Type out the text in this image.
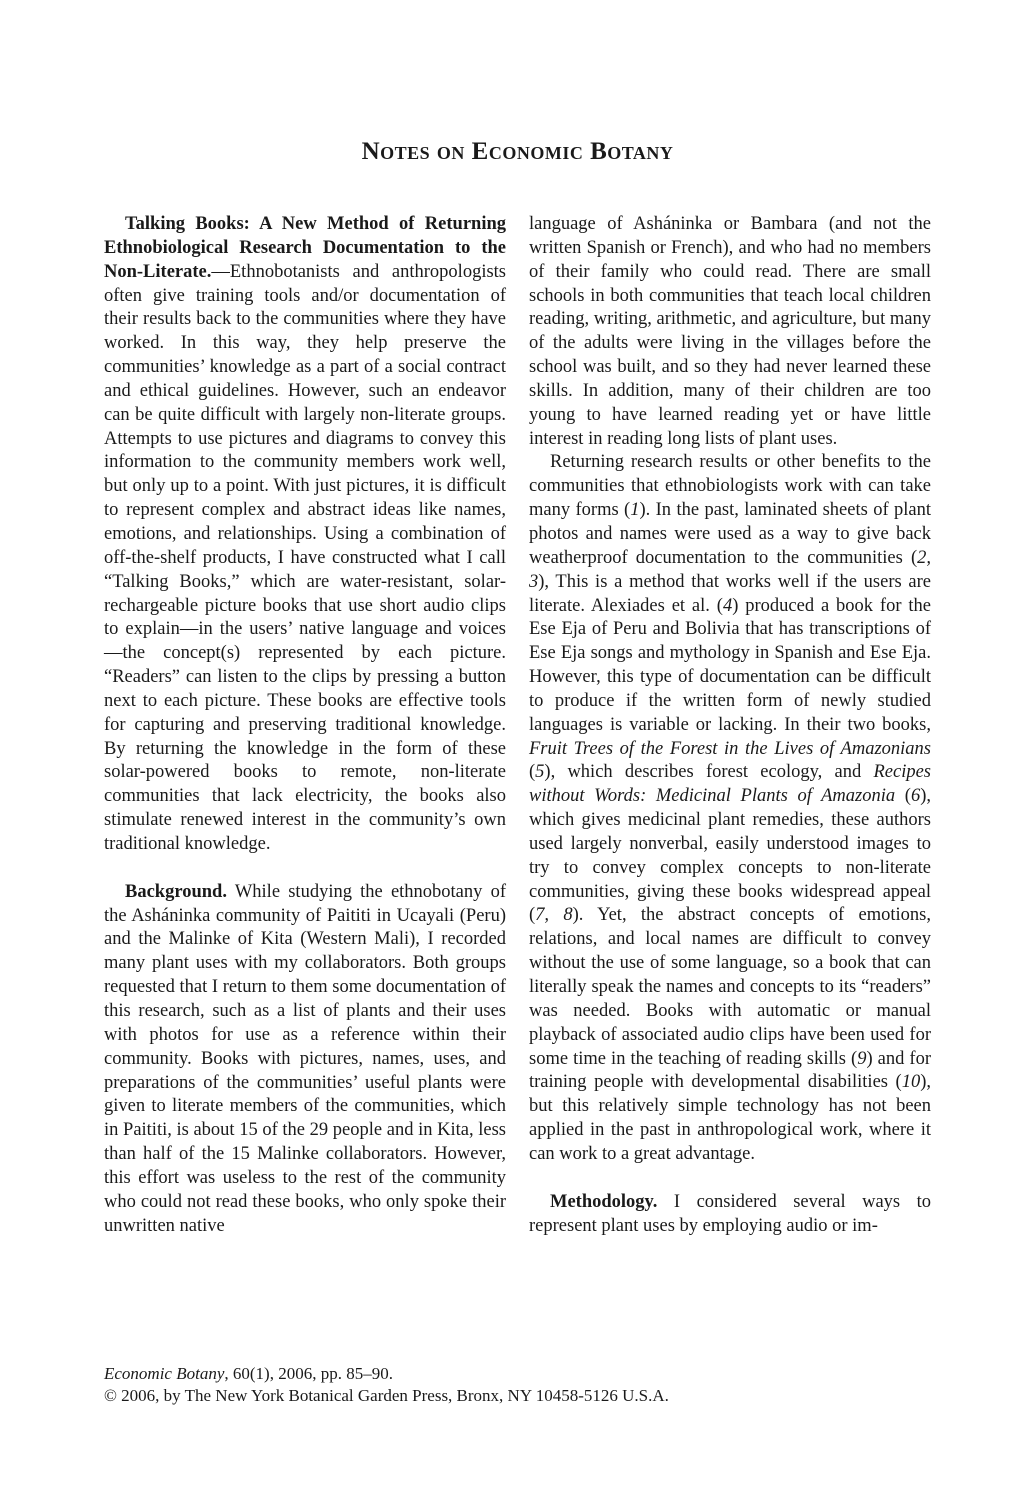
Notes on Economic Botany

Talking Books: A New Method of Returning Ethnobiological Research Documentation to the Non-Literate.—Ethnobotanists and anthropologists often give training tools and/or documentation of their results back to the communities where they have worked. In this way, they help preserve the communities’ knowledge as a part of a social contract and ethical guidelines. However, such an endeavor can be quite difficult with largely non-literate groups. Attempts to use pictures and diagrams to convey this information to the community members work well, but only up to a point. With just pictures, it is difficult to represent complex and abstract ideas like names, emotions, and relationships. Using a combination of off-the-shelf products, I have constructed what I call “Talking Books,” which are water-resistant, solar-rechargeable picture books that use short audio clips to explain—in the users’ native language and voices—the concept(s) represented by each picture. “Readers” can listen to the clips by pressing a button next to each picture. These books are effective tools for capturing and preserving traditional knowledge. By returning the knowledge in the form of these solar-powered books to remote, non-literate communities that lack electricity, the books also stimulate renewed interest in the community’s own traditional knowledge.

Background. While studying the ethnobotany of the Asháninka community of Paititi in Ucayali (Peru) and the Malinke of Kita (Western Mali), I recorded many plant uses with my collaborators. Both groups requested that I return to them some documentation of this research, such as a list of plants and their uses with photos for use as a reference within their community. Books with pictures, names, uses, and preparations of the communities’ useful plants were given to literate members of the communities, which in Paititi, is about 15 of the 29 people and in Kita, less than half of the 15 Malinke collaborators. However, this effort was useless to the rest of the community who could not read these books, who only spoke their unwritten native

language of Asháninka or Bambara (and not the written Spanish or French), and who had no members of their family who could read. There are small schools in both communities that teach local children reading, writing, arithmetic, and agriculture, but many of the adults were living in the villages before the school was built, and so they had never learned these skills. In addition, many of their children are too young to have learned reading yet or have little interest in reading long lists of plant uses.

Returning research results or other benefits to the communities that ethnobiologists work with can take many forms (1). In the past, laminated sheets of plant photos and names were used as a way to give back weatherproof documentation to the communities (2, 3), This is a method that works well if the users are literate. Alexiades et al. (4) produced a book for the Ese Eja of Peru and Bolivia that has transcriptions of Ese Eja songs and mythology in Spanish and Ese Eja. However, this type of documentation can be difficult to produce if the written form of newly studied languages is variable or lacking. In their two books, Fruit Trees of the Forest in the Lives of Amazonians (5), which describes forest ecology, and Recipes without Words: Medicinal Plants of Amazonia (6), which gives medicinal plant remedies, these authors used largely nonverbal, easily understood images to try to convey complex concepts to non-literate communities, giving these books widespread appeal (7, 8). Yet, the abstract concepts of emotions, relations, and local names are difficult to convey without the use of some language, so a book that can literally speak the names and concepts to its “readers” was needed. Books with automatic or manual playback of associated audio clips have been used for some time in the teaching of reading skills (9) and for training people with developmental disabilities (10), but this relatively simple technology has not been applied in the past in anthropological work, where it can work to a great advantage.

Methodology. I considered several ways to represent plant uses by employing audio or im-

Economic Botany, 60(1), 2006, pp. 85–90.
© 2006, by The New York Botanical Garden Press, Bronx, NY 10458-5126 U.S.A.
